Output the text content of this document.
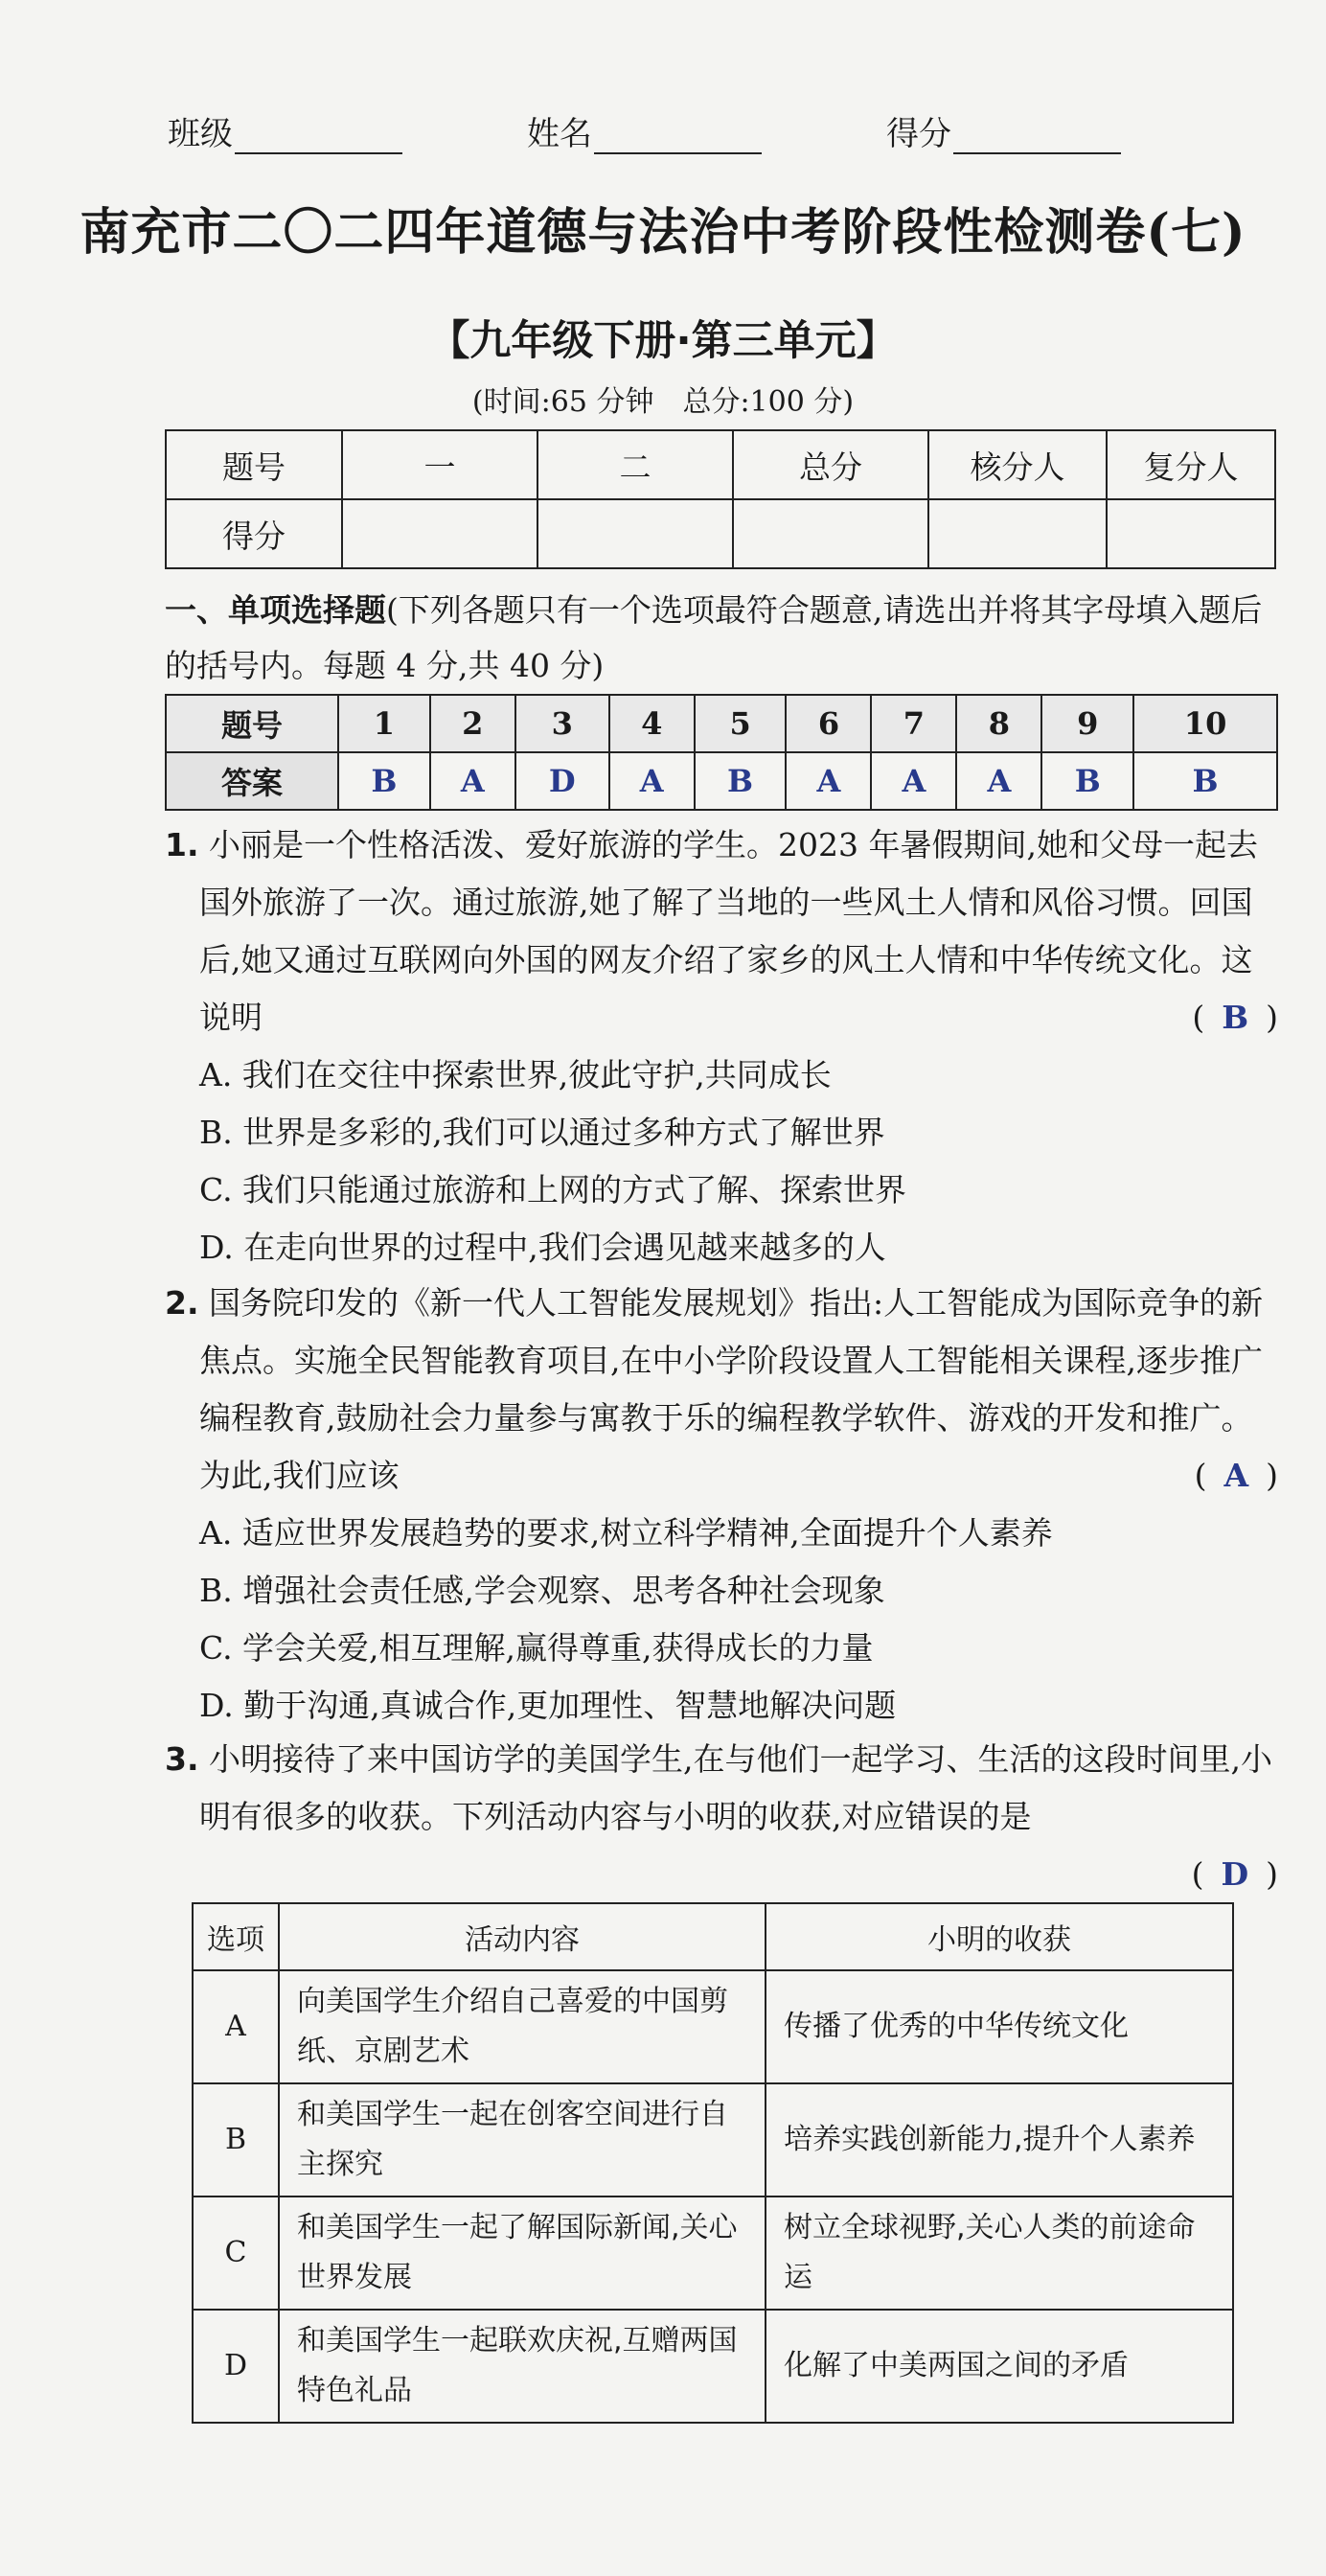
班级	姓名	得分
南充市二〇二四年道德与法治中考阶段性检测卷(七)
【九年级下册·第三单元】
(时间:65 分钟　总分:100 分)
题号	一	二	总分	核分人	复分人
得分					
一、单项选择题(下列各题只有一个选项最符合题意,请选出并将其字母填入题后的括号内。每题 4 分,共 40 分)
题号	1	2	3	4	5	6	7	8	9	10
答案	B	A	D	A	B	A	A	A	B	B
1. 小丽是一个性格活泼、爱好旅游的学生。2023 年暑假期间,她和父母一起去国外旅游了一次。通过旅游,她了解了当地的一些风土人情和风俗习惯。回国后,她又通过互联网向外国的网友介绍了家乡的风土人情和中华传统文化。这说明	( B )
A. 我们在交往中探索世界,彼此守护,共同成长
B. 世界是多彩的,我们可以通过多种方式了解世界
C. 我们只能通过旅游和上网的方式了解、探索世界
D. 在走向世界的过程中,我们会遇见越来越多的人
2. 国务院印发的《新一代人工智能发展规划》指出:人工智能成为国际竞争的新焦点。实施全民智能教育项目,在中小学阶段设置人工智能相关课程,逐步推广编程教育,鼓励社会力量参与寓教于乐的编程教学软件、游戏的开发和推广。为此,我们应该	( A )
A. 适应世界发展趋势的要求,树立科学精神,全面提升个人素养
B. 增强社会责任感,学会观察、思考各种社会现象
C. 学会关爱,相互理解,赢得尊重,获得成长的力量
D. 勤于沟通,真诚合作,更加理性、智慧地解决问题
3. 小明接待了来中国访学的美国学生,在与他们一起学习、生活的这段时间里,小明有很多的收获。下列活动内容与小明的收获,对应错误的是
( D )
选项	活动内容	小明的收获
A	向美国学生介绍自己喜爱的中国剪纸、京剧艺术	传播了优秀的中华传统文化
B	和美国学生一起在创客空间进行自主探究	培养实践创新能力,提升个人素养
C	和美国学生一起了解国际新闻,关心世界发展	树立全球视野,关心人类的前途命运
D	和美国学生一起联欢庆祝,互赠两国特色礼品	化解了中美两国之间的矛盾
